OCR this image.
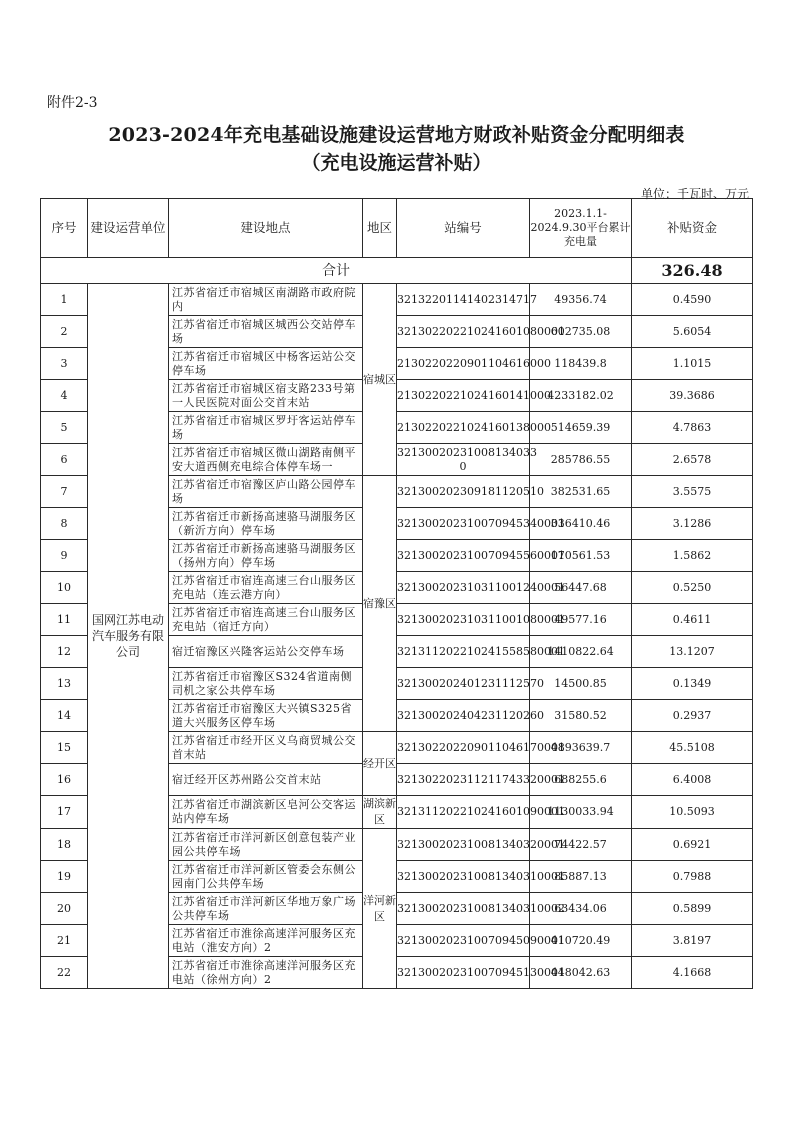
附件2-3
2023-2024年充电基础设施建设运营地方财政补贴资金分配明细表
（充电设施运营补贴）
单位：千瓦时、万元
序号	建设运营单位	建设地点	地区	站编号	2023.1.1-2024.9.30平台累计充电量	补贴资金
合计						326.48
1	国网江苏电动汽车服务有限公司	江苏省宿迁市宿城区南湖路市政府院内	宿城区	32132201141402314717	49356.74	0.4590
2		江苏省宿迁市宿城区城西公交站停车场		321302202210241601080001	602735.08	5.6054
3		江苏省宿迁市宿城区中杨客运站公交停车场		2130220220901104616000	118439.8	1.1015
4		江苏省宿迁市宿城区宿支路233号第一人民医院对面公交首末站		2130220221024160141000	4233182.02	39.3686
5		江苏省宿迁市宿城区罗圩客运站停车场		2130220221024160138000	514659.39	4.7863
6		江苏省宿迁市宿城区微山湖路南侧平安大道西侧充电综合体停车场一		32130020231008134033​0	285786.55	2.6578
7		江苏省宿迁市宿豫区庐山路公园停车场	宿豫区	321300202309181120510	382531.65	3.5575
8		江苏省宿迁市新扬高速骆马湖服务区（新沂方向）停车场		321300202310070945340001	336410.46	3.1286
9		江苏省宿迁市新扬高速骆马湖服务区（扬州方向）停车场		321300202310070945560001	170561.53	1.5862
10		江苏省宿迁市宿连高速三台山服务区充电站（连云港方向）		321300202310311001240001	56447.68	0.5250
11		江苏省宿迁市宿连高速三台山服务区充电站（宿迁方向）		321300202310311001080001	49577.16	0.4611
12		宿迁宿豫区兴隆客运站公交停车场		321311202210241558580001	1410822.64	13.1207
13		江苏省宿迁市宿豫区S324省道南侧司机之家公共停车场		321300202401231112570	14500.85	0.1349
14		江苏省宿迁市宿豫区大兴镇S325省道大兴服务区停车场		321300202404231120260	31580.52	0.2937
15		江苏省宿迁市经开区义乌商贸城公交首末站	经开区	321302202209011046170001	4893639.7	45.5108
16		宿迁经开区苏州路公交首末站		321302202311211743320001	688255.6	6.4008
17		江苏省宿迁市湖滨新区皂河公交客运站内停车场	湖滨新区	321311202210241601090001	1130033.94	10.5093
18		江苏省宿迁市洋河新区创意包装产业园公共停车场	洋河新区	321300202310081340320001	74422.57	0.6921
19		江苏省宿迁市洋河新区管委会东侧公园南门公共停车场		321300202310081340310001	85887.13	0.7988
20		江苏省宿迁市洋河新区华地万象广场公共停车场		321300202310081340310002	63434.06	0.5899
21		江苏省宿迁市淮徐高速洋河服务区充电站（淮安方向）2		321300202310070945090001	410720.49	3.8197
22		江苏省宿迁市淮徐高速洋河服务区充电站（徐州方向）2		321300202310070945130001	448042.63	4.1668
